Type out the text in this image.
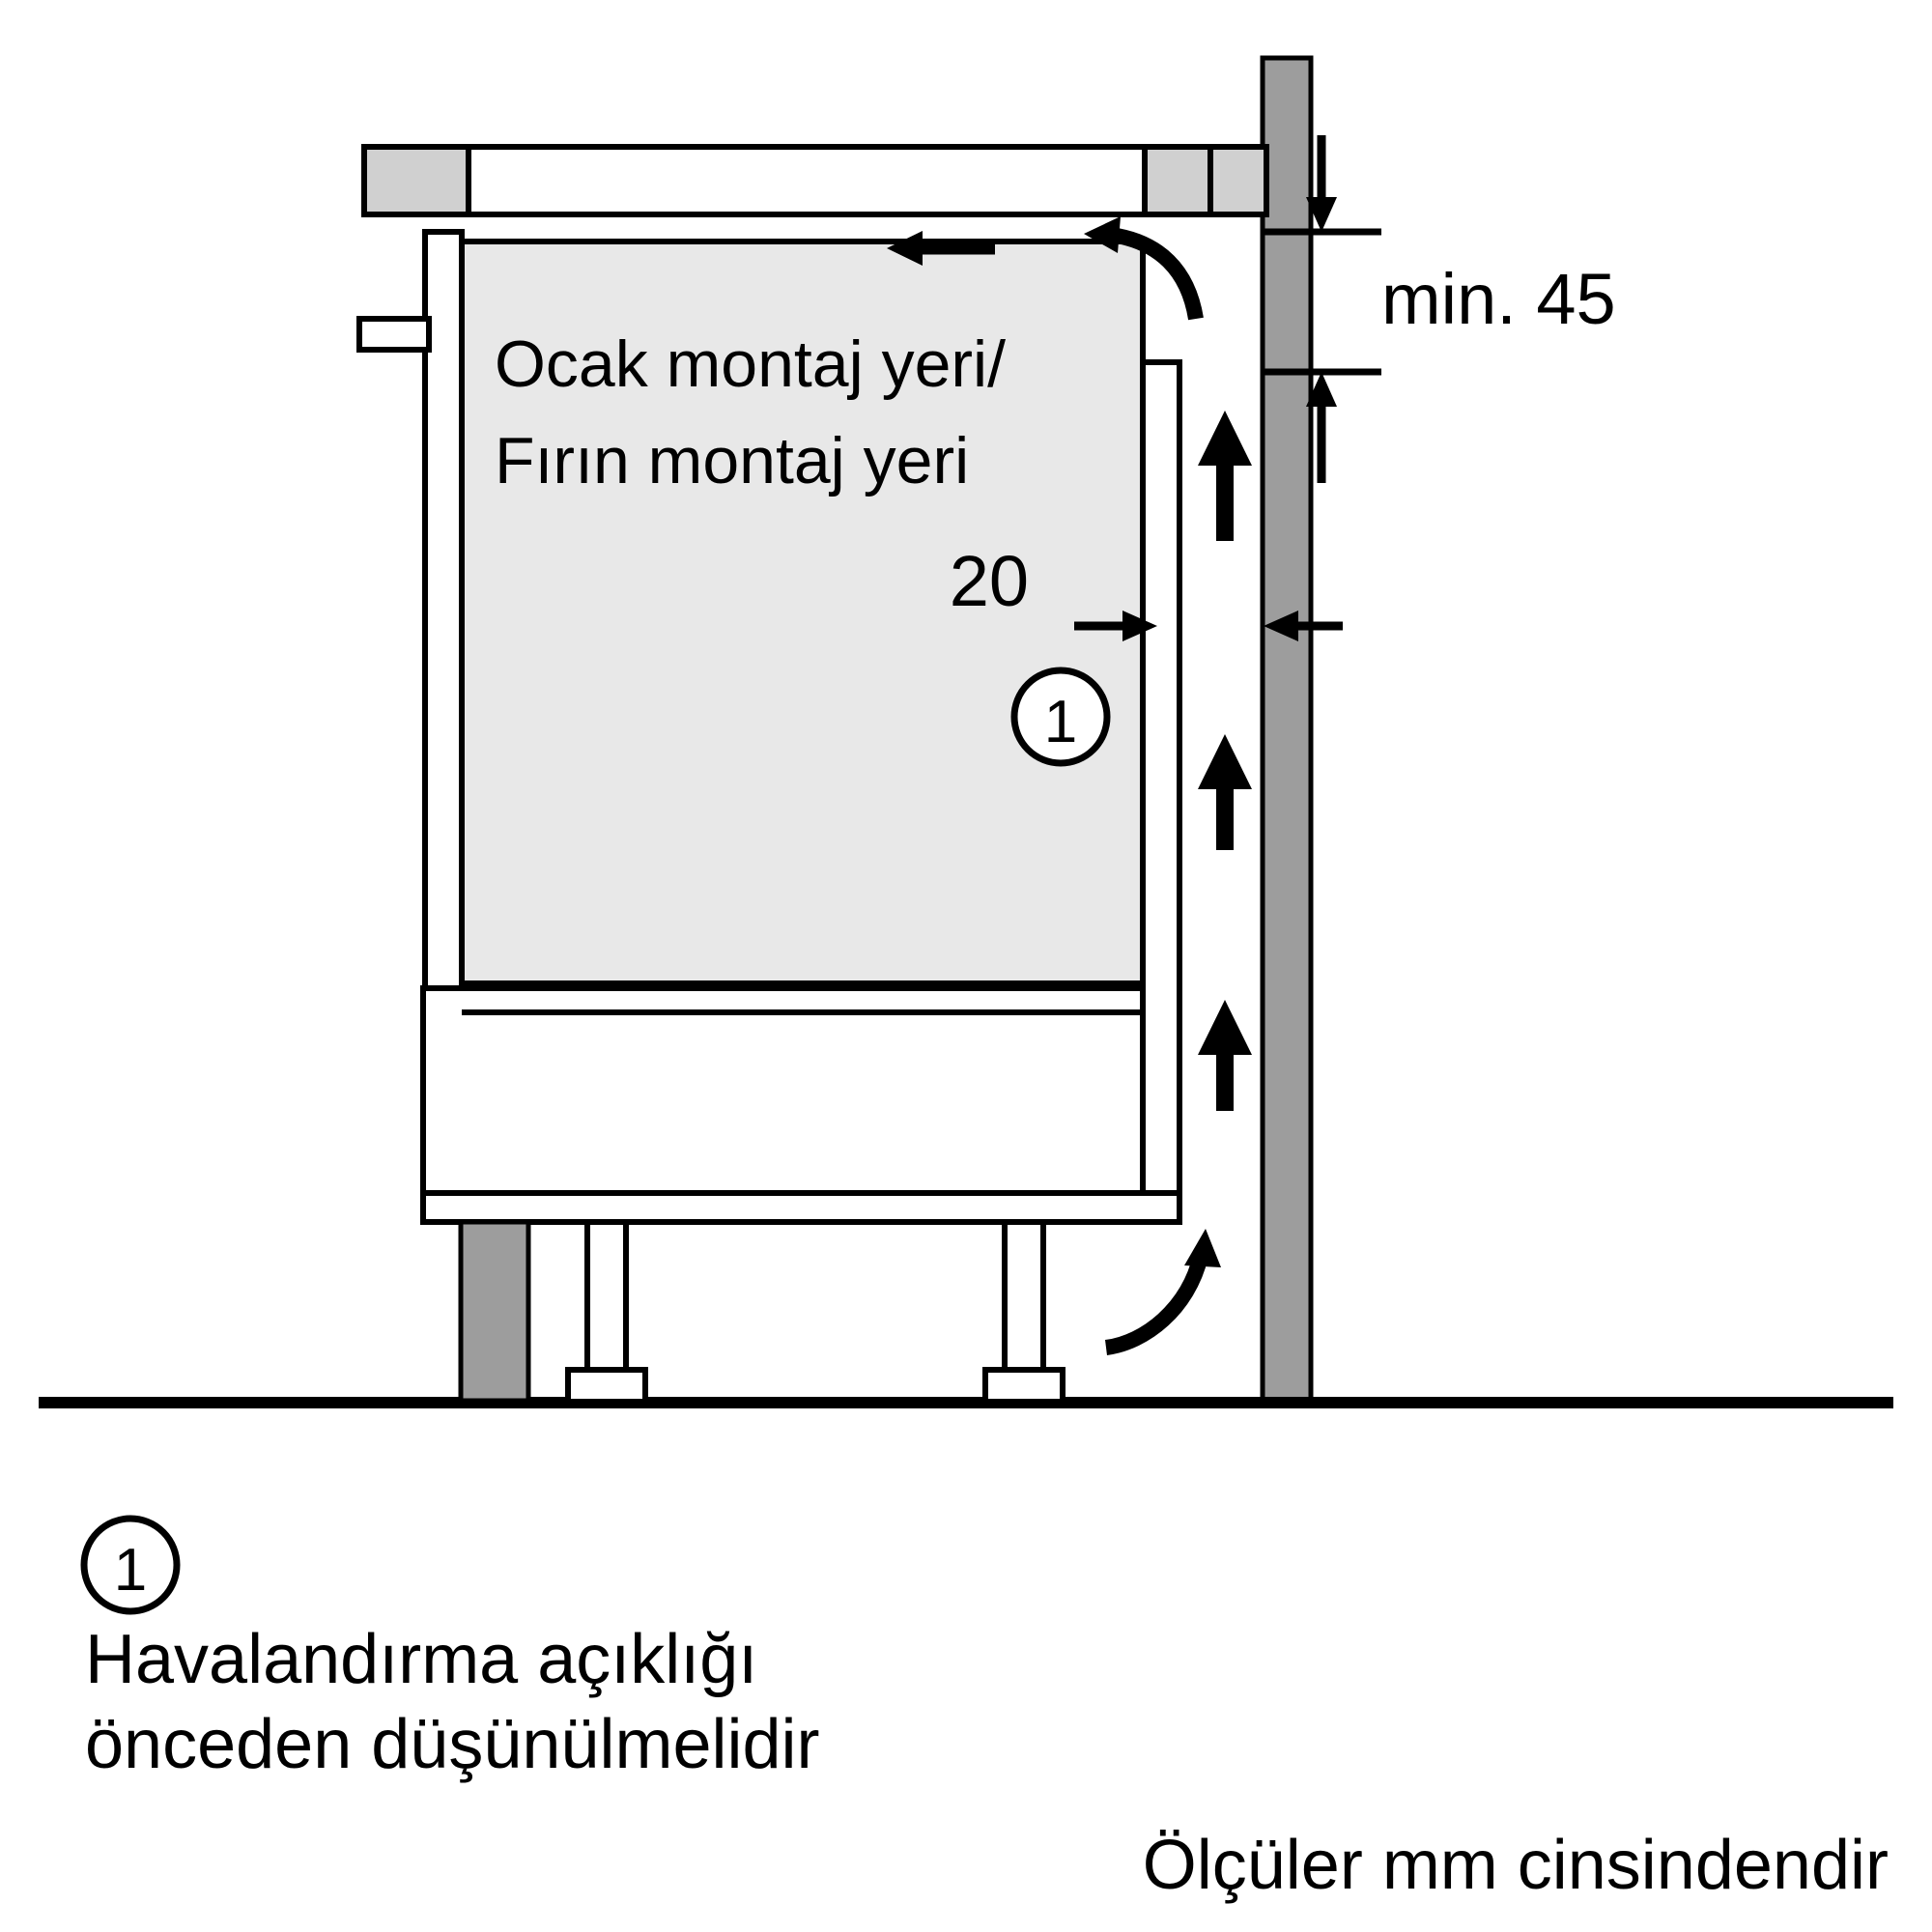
min. 45
20
1
Ocak montaj yeri/
Fırın montaj yeri
1
Havalandırma açıklığı
önceden düşünülmelidir
Ölçüler mm cinsindendir
